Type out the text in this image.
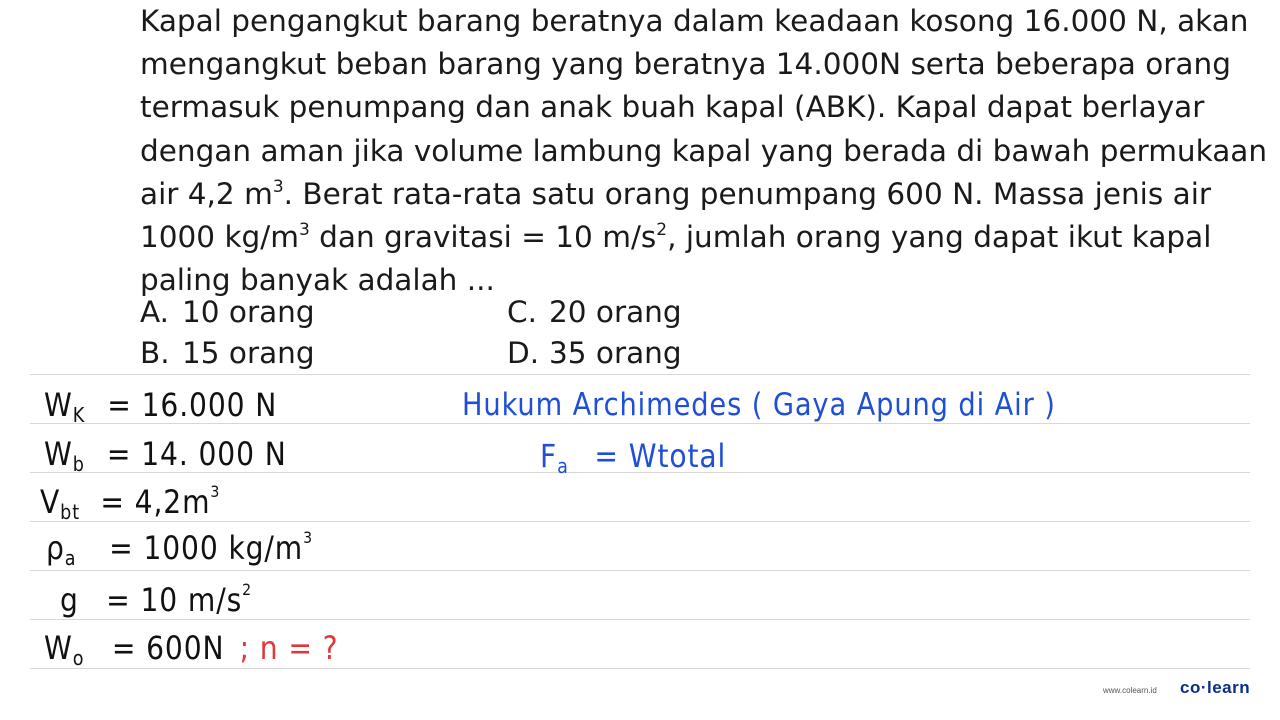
Kapal pengangkut barang beratnya dalam keadaan kosong 16.000 N, akan
mengangkut beban barang yang beratnya 14.000N serta beberapa orang
termasuk penumpang dan anak buah kapal (ABK). Kapal dapat berlayar
dengan aman jika volume lambung kapal yang berada di bawah permukaan
air 4,2 $m^3$. Berat rata-rata satu orang penumpang 600 N. Massa jenis air
1000 $kg/m^3$ dan gravitasi = 10 $m/s^2$, jumlah orang yang dapat ikut kapal
paling banyak adalah ...
A. 10 orang
B. 15 orang
C. 20 orang
D. 35 orang
$W_K = 16.000$ N
$W_b = 14$. 000 N
$V_{bt} = 4,2m^3$
$\rho_a = 1000$ $kg/m^3$
g = 10 $m/s^2$
$W_o = 600N$ ; n = ?
Hukum Archimedes ( Gaya Apung di Air )
$F_a$ = Wtotal
www.colearn.id co·learn
